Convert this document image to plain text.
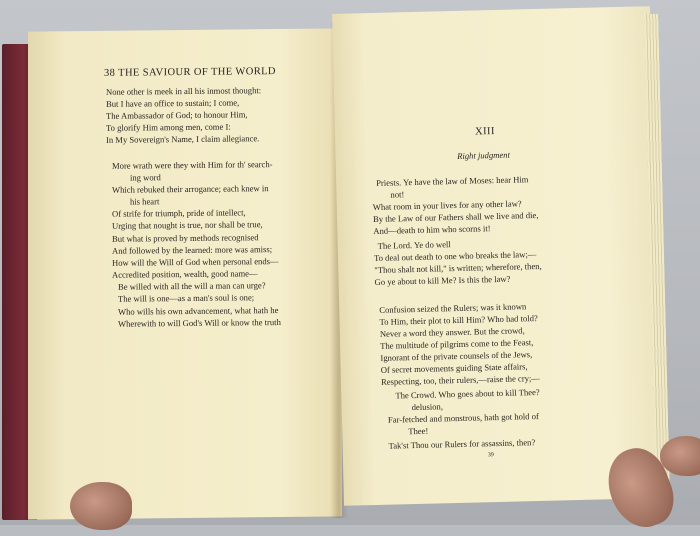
38 THE SAVIOUR OF THE WORLD
None other is meek in all his inmost thought:
But I have an office to sustain; I come,
The Ambassador of God; to honour Him,
To glorify Him among men, come I:
In My Sovereign's Name, I claim allegiance.
More wrath were they with Him for th' search-
ing word
Which rebuked their arrogance; each knew in
his heart
Of strife for triumph, pride of intellect,
Urging that nought is true, nor shall be true,
But what is proved by methods recognised
And followed by the learned: more was amiss;
How will the Will of God when personal ends—
Accredited position, wealth, good name—
Be willed with all the will a man can urge?
The will is one—as a man's soul is one;
Who wills his own advancement, what hath he
Wherewith to will God's Will or know the truth
XIII
Right judgment
Priests. Ye have the law of Moses: hear Him
not!
What room in your lives for any other law?
By the Law of our Fathers shall we live and die,
And—death to him who scorns it!
The Lord. Ye do well
To deal out death to one who breaks the law;—
"Thou shalt not kill," is written; wherefore, then,
Go ye about to kill Me? Is this the law?
Confusion seized the Rulers; was it known
To Him, their plot to kill Him? Who had told?
Never a word they answer. But the crowd,
The multitude of pilgrims come to the Feast,
Ignorant of the private counsels of the Jews,
Of secret movements guiding State affairs,
Respecting, too, their rulers,—raise the cry;—
The Crowd. Who goes about to kill Thee?
delusion,
Far-fetched and monstrous, hath got hold of
Thee!
Tak'st Thou our Rulers for assassins, then?
39
